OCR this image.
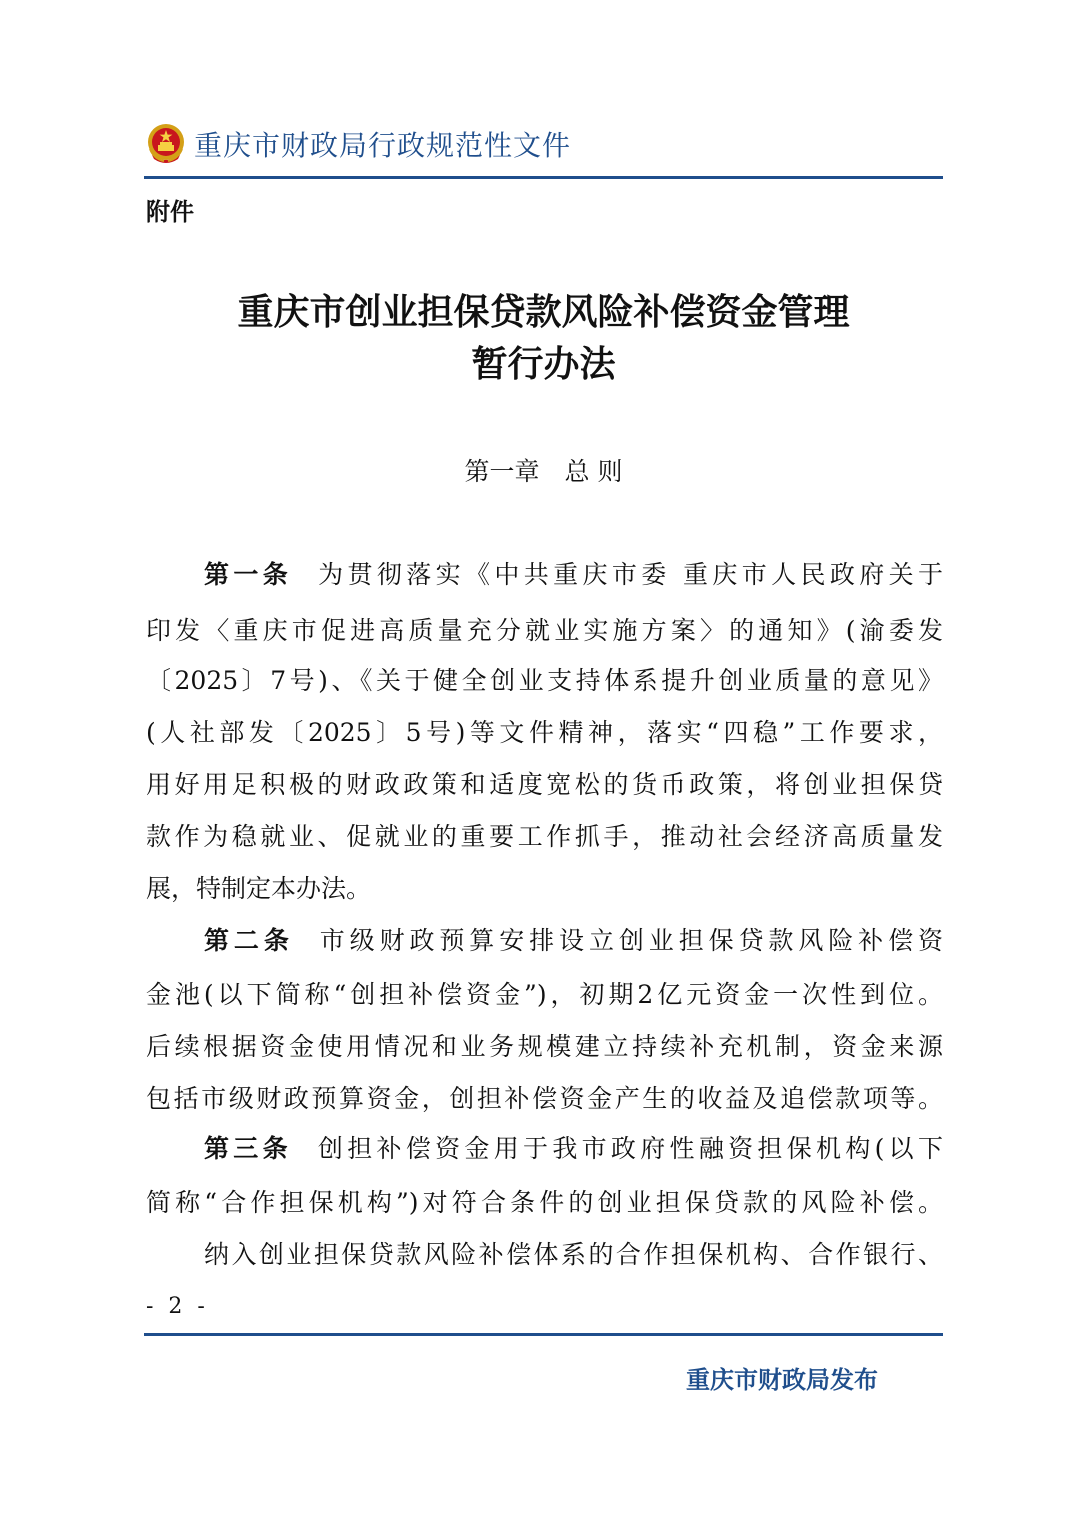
重庆市财政局行政规范性文件
附件
重庆市创业担保贷款风险补偿资金管理
暂行办法
第一章　总 则
第一条 为贯彻落实《中共重庆市委 重庆市人民政府关于
印发〈重庆市促进高质量充分就业实施方案〉的通知》(渝委发
〔2025〕7号)、《关于健全创业支持体系提升创业质量的意见》
(人社部发〔2025〕5号)等文件精神，落实“四稳”工作要求，
用好用足积极的财政政策和适度宽松的货币政策，将创业担保贷
款作为稳就业、促就业的重要工作抓手，推动社会经济高质量发
展，特制定本办法。
第二条 市级财政预算安排设立创业担保贷款风险补偿资
金池(以下简称“创担补偿资金”)，初期2亿元资金一次性到位。
后续根据资金使用情况和业务规模建立持续补充机制，资金来源
包括市级财政预算资金，创担补偿资金产生的收益及追偿款项等。
第三条 创担补偿资金用于我市政府性融资担保机构(以下
简称“合作担保机构”)对符合条件的创业担保贷款的风险补偿。
纳入创业担保贷款风险补偿体系的合作担保机构、合作银行、
- 2 -
重庆市财政局发布
